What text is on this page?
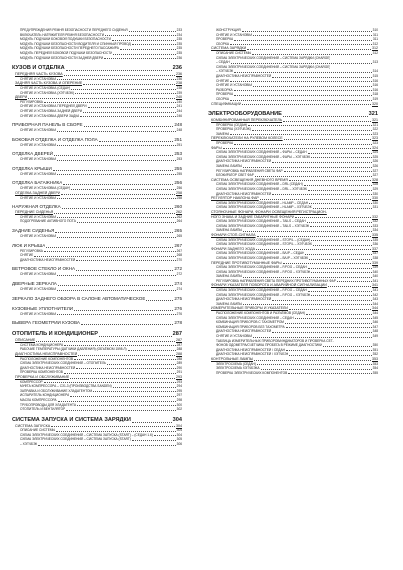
ПРЕДУПРЕЖДЕНИЯ РЕМНЯ БЕЗОПАСНОСТИ ПЕРЕДНЕГО СИДЕНЬЯ	233
ВКЛЮЧАТЕЛЬ НАТЯЖИТЕЛЯ РЕМНЯ БЕЗОПАСНОСТИ	234
МОДУЛЬ ПОДУШКИ БОКОВОЙ ПОДУШКИ БЕЗОПАСНОСТИ	235
МОДУЛЬ ПОДУШКИ БЕЗОПАСНОСТИ ВОДИТЕЛЯ И СПИННЫЙ ПРОВОД	235
МОДУЛЬ ПОДУШКИ БЕЗОПАСНОСТИ ПЕРЕДНЕГО ПАССАЖИРА	235
МОДУЛЬ ПЕРЕДНЕЙ БОКОВОЙ ПОДУШКИ БЕЗОПАСНОСТИ	235
МОДУЛЬ ПОДУШКИ БЕЗОПАСНОСТИ ЗАДНЕЙ ДВЕРИ	236
КУЗОВ И ОТДЕЛКА	236
ПЕРЕДНЯЯ ЧАСТЬ КУЗОВА	236
СНЯТИЕ И УСТАНОВКА	236
ЗАДНЯЯ ЧАСТЬ КУЗОВА И ОПЕРЕНИЕ	238
СНЯТИЕ И УСТАНОВКА (СЕДАН)	238
СНЯТИЕ И УСТАНОВКА (ХЭТЧБЭК)	239
ДВЕРИ	240
РЕГУЛИРОВКА	240
СНЯТИЕ И УСТАНОВКА ПЕРЕДНЕЙ ДВЕРИ	241
СНЯТИЕ И УСТАНОВКА ЗАДНЕЙ ДВЕРИ	244
СНЯТИЕ И УСТАНОВКА ДВЕРИ ЗАДКА	246
ПРИБОРНАЯ ПАНЕЛЬ В СБОРЕ	248
СНЯТИЕ И УСТАНОВКА	248
БОКОВАЯ ОТДЕЛКА И ОТДЕЛКА ПОЛА	251
СНЯТИЕ И УСТАНОВКА	251
ОТДЕЛКА ДВЕРЕЙ	253
СНЯТИЕ И УСТАНОВКА	253
ОТДЕЛКА КРЫШИ	255
СНЯТИЕ И УСТАНОВКА	255
ОТДЕЛКА БАГАЖНИКА	256
СНЯТИЕ И УСТАНОВКА (СЕДАН)	256
ОТДЕЛКА ЗАДНЕЙ ДВЕРИ	258
СНЯТИЕ И УСТАНОВКА	258
НАРУЖНАЯ ОТДЕЛКА	260
ПЕРЕДНИЕ СИДЕНЬЯ	262
СНЯТИЕ И УСТАНОВКА	262
ПОДОГРЕВАНИЕ АКТИВНОГО ПОТА	264
ЗАДНИЕ СИДЕНЬЯ	265
СНЯТИЕ И УСТАНОВКА	265
ЛЮК И КРЫША	267
РЕГУЛИРОВКА	267
СНЯТИЕ	268
ДИАГНОСТИКА НЕИСПРАВНОСТЕЙ	270
ВЕТРОВОЕ СТЕКЛО И ОКНА	272
СНЯТИЕ И УСТАНОВКА	272
ДВЕРНЫЕ ЗЕРКАЛА	274
СНЯТИЕ И УСТАНОВКА	274
ЗЕРКАЛО ЗАДНЕГО ОБЗОРА В САЛОНЕ АВТОМАТИЧЕСКОЕ	275
КУЗОВНЫЕ УПЛОТНИТЕЛИ	276
СНЯТИЕ И УСТАНОВКА	276
ВЫВЕРА ГЕОМЕТРИИ КУЗОВА	278
ОТОПИТЕЛЬ И КОНДИЦИОНЕР	287
ОПИСАНИЕ	287
СИСТЕМА КОНДИЦИОНЕРА	287
РАБОЧИЕ ТЕМПЕРАТУРЫ (ДАТЧИКИ ДАВЛЕНИЯ) (ОБЪЁМОМ 1598 Л)	288
ДИАГНОСТИКА НЕИСПРАВНОСТЕЙ	288
РАСПОЛОЖЕНИЕ КОМПОНЕНТОВ	288
СХЕМА ЭЛЕКТРИЧЕСКИХ СОЕДИНЕНИЙ – ОТОПИТЕЛЬ	289
ДИАГНОСТИКА НЕИСПРАВНОСТЕЙ	290
ПРОВЕРКА КОМПОНЕНТОВ	291
ПРОВЕРКА И ОБСЛУЖИВАНИЕ	293
КОМПРЕССОР	293
МУФТА КОМПРЕССОРА – СЗ1-3 (ПРОИЗВОДСТВА SANDEN)	294
ЗАПРАВКА И ОБСЛУЖИВАНИЕ ХЛАДАГЕНТОМ	295
ИСПАРИТЕЛЬ КОНДИЦИОНЕРА	297
МАСЛА КОМПРЕССОРА	298
ТРУБОПРОВОДЫ ДЛЯ ХЛАДАГЕНТА	300
ОТОПИТЕЛЬ И ВЕНТИЛЯТОР	302
СИСТЕМА ЗАПУСКА И СИСТЕМА ЗАРЯДКИ	304
СИСТЕМА ЗАПУСКА	304
ОПИСАНИЕ СИСТЕМЫ	304
СХЕМА ЭЛЕКТРИЧЕСКИХ СОЕДИНЕНИЙ – СИСТЕМА ЗАПУСКА (START) – (СЕДАН 1.6)	304
СХЕМА ЭЛЕКТРИЧЕСКИХ СОЕДИНЕНИЙ – СИСТЕМА ЗАПУСКА (START)	305
– ХЭТЧБЭК	306
ЖОНСТРУКЦИЯ	310
СНЯТИЕ И УСТАНОВКА	311
ПРОВЕРКА	311
СБОРКА	312
СИСТЕМА ЗАРЯДКИ	312
ОПИСАНИЕ СИСТЕМЫ	312
СХЕМА ЭЛЕКТРИЧЕСКИХ СОЕДИНЕНИЙ – СИСТЕМА ЗАРЯДКИ (CHARGE)
– СЕДАН	313
СХЕМА ЭЛЕКТРИЧЕСКИХ СОЕДИНЕНИЙ – СИСТЕМА ЗАРЯДКИ (CHARGE)
– ХЭТЧБЭК	314
ДИАГНОСТИКА НЕИСПРАВНОСТЕЙ	315
СНЯТИЕ	316
СНЯТИЕ И УСТАНОВКА	316
РАЗБОРКА	316
ПРОВЕРКА	318
СБОРКА	319
СПЕЦИФИКАЦИИ	320
ЭЛЕКТРООБОРУДОВАНИЕ	321
КОМБИНИРОВАННЫЙ ПЕРЕКЛЮЧАТЕЛЬ	321
ПРОВЕРКА (СЕДАН)	321
ПРОВЕРКА (ХЭТЧБЭК)	322
ЗАМЕНА	323
ПЕРЕКЛЮЧАТЕЛИ НА РУЛЕВОМ КОЛЕСЕ	323
ПРОВЕРКА	323
ФАРЫ	324
СХЕМА ЭЛЕКТРИЧЕСКИХ СОЕДИНЕНИЙ – ФАРЫ – СЕДАН	324
СХЕМА ЭЛЕКТРИЧЕСКИХ СОЕДИНЕНИЙ – ФАРЫ – ХЭТЧБЭК	325
ДИАГНОСТИКА НЕИСПРАВНОСТЕЙ	326
ЗАМЕНА ЛАМПЫ	326
РЕГУЛИРОВКА НАПРАВЛЕНИЯ СВЕТА ФАР	327
БЛОКИРАТОР СВЕТ ФАР	327
СИСТЕМА ОСВЕЩЕНИЯ ДНЕВНОГО ВРЕМЯ	328
СХЕМА ЭЛЕКТРИЧЕСКИХ СОЕДИНЕНИЙ – DRL (СЕДАН)	328
СХЕМА ЭЛЕКТРИЧЕСКИХ СОЕДИНЕНИЙ – DRL – ХЭТЧБЭК	329
ДИАГНОСТИКА НЕИСПРАВНОСТЕЙ	330
РЕГУЛЯТОР НАКЛОНА ФАР	330
СХЕМА ЭЛЕКТРИЧЕСКИХ СОЕДИНЕНИЙ – HLAMP – СЕДАН	330
СХЕМА ЭЛЕКТРИЧЕСКИХ СОЕДИНЕНИЙ – HLAMP – ХЭТЧБЭК	331
СТОЯНОЧНЫЕ ФОНАРИ, ФОНАРИ ОСВЕЩЕНИЯ РЕГИСТРАЦИОН-
НОГО ЗНАКА И ЗАДНИЕ ГАБАРИТНЫЕ ФОНАРИ	332
СХЕМА ЭЛЕКТРИЧЕСКИХ СОЕДИНЕНИЙ – TAILS – СЕДАН	332
СХЕМА ЭЛЕКТРИЧЕСКИХ СОЕДИНЕНИЙ – TAILS – ХЭТЧБЭК	333
ЗАМЕНА ЛАМПЫ	334
ФОНАРИ СТОП-СИГНАЛА	335
СХЕМА ЭЛЕКТРИЧЕСКИХ СОЕДИНЕНИЙ – STOP/L – (СЕДАН)	335
СХЕМА ЭЛЕКТРИЧЕСКИХ СОЕДИНЕНИЙ – STOP/L – ХЭТЧБЭК	336
ФОНАРИ ЗАДНЕГО ХОДА	337
СХЕМА ЭЛЕКТРИЧЕСКИХ СОЕДИНЕНИЙ – B/UP – СЕДАН	337
СХЕМА ЭЛЕКТРИЧЕСКИХ СОЕДИНЕНИЙ – B/UP – ХЭТЧБЭК	338
ПЕРЕДНИЕ ПРОТИВОТУМАННЫЕ ФАРЫ	339
СХЕМА ЭЛЕКТРИЧЕСКИХ СОЕДИНЕНИЙ – F/FOG – СЕДАН	339
СХЕМА ЭЛЕКТРИЧЕСКИХ СОЕДИНЕНИЙ – F/FOG – ХЭТЧБЭК	340
ЗАМЕНА ЛАМПЫ	340
РЕГУЛИРОВКА НАПРАВЛЕНИЯ СВЕТА ПЕРЕДНИХ ПРОТИВОТУМАННЫХ ФАР	341
ФОНАРИ УКАЗАТЕЛЯ ПОВОРОТА И АВАРИЙНОЙ СИГНАЛИЗАЦИИ	341
СХЕМА ЭЛЕКТРИЧЕСКИХ СОЕДИНЕНИЙ – F/FOG – СЕДАН	341
СХЕМА ЭЛЕКТРИЧЕСКИХ СОЕДИНЕНИЙ – F/FOG – ХЭТЧБЭК	342
ДИАГНОСТИКА НЕИСПРАВНОСТЕЙ	343
ЗАМЕНА ЛАМПЫ	344
ИЗМЕРИТЕЛЬНЫЕ ПРИБОРЫ И УКАЗАТЕЛИ	344
РАСПОЛОЖЕНИЕ КОМПОНЕНТОВ И РАЗЪЁМОВ (СЕДАН)	344
СХЕМА ЭЛЕКТРИЧЕСКИХ СОЕДИНЕНИЙ – СЕДАН	345
КОМБИНАЦИЯ ПРИБОРОВ С ТАХОМЕТРОМ	346
КОМБИНАЦИЯ ПРИБОРОВ БЕЗ ТАХОМЕТРА	347
ДИАГНОСТИКА НЕИСПРАВНОСТЕЙ	348
СНЯТИЕ И УСТАНОВКА	349
ТАБЛИЦА ИЗМЕРИТЕЛЬНЫХ ПРИБОРОВ/ИНДИКАТОРОВ И ПРОВЕРКА СЕТ-
ФОНОВ ОДОМЕТРА/СЧЕТЧИКА ПРОБЕГА В РЕЖИМЕ ДИАГНОСТИКИ	350
ДИАГНОСТИКА НЕИСПРАВНОСТЕЙ / СЕДАН	351
ДИАГНОСТИКА НЕИСПРАВНОСТЕЙ / ХЭТЧБЭК	352
КОНТРОЛЬНЫЕ ЛАМПЫ	353
ЭЛЕКТРОСХЕМА (СЕДАН)	353
ЭЛЕКТРОСХЕМА ХЭТЧБЭКА	354
ПРОВЕРКА ЭЛЕКТРИЧЕСКИХ КОМПОНЕНТОВ	355
